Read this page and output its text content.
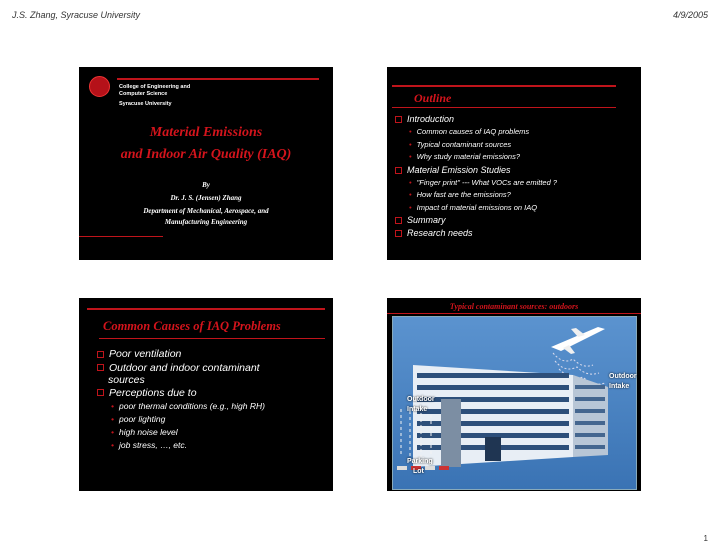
J.S. Zhang, Syracuse University	4/9/2005
College of Engineering and
Computer Science
Syracuse University
Material Emissions
and Indoor Air Quality (IAQ)
By
Dr. J. S. (Jensen) Zhang
Department of Mechanical, Aerospace, and
Manufacturing Engineering
Outline
Introduction
• Common causes of IAQ problems
• Typical contaminant sources
• Why study material emissions?
Material Emission Studies
• "Finger print" --- What VOCs are emitted ?
• How fast are the emissions?
• Impact of material emissions on IAQ
Summary
Research needs
Common Causes of IAQ Problems
Poor ventilation
Outdoor and indoor contaminant
sources
Perceptions due to
• poor thermal conditions (e.g., high RH)
• poor lighting
• high noise level
• job stress, …, etc.
Typical contaminant sources: outdoors
Outdoor
Intake
Outdoor
Intake
Parking
Lot
1
